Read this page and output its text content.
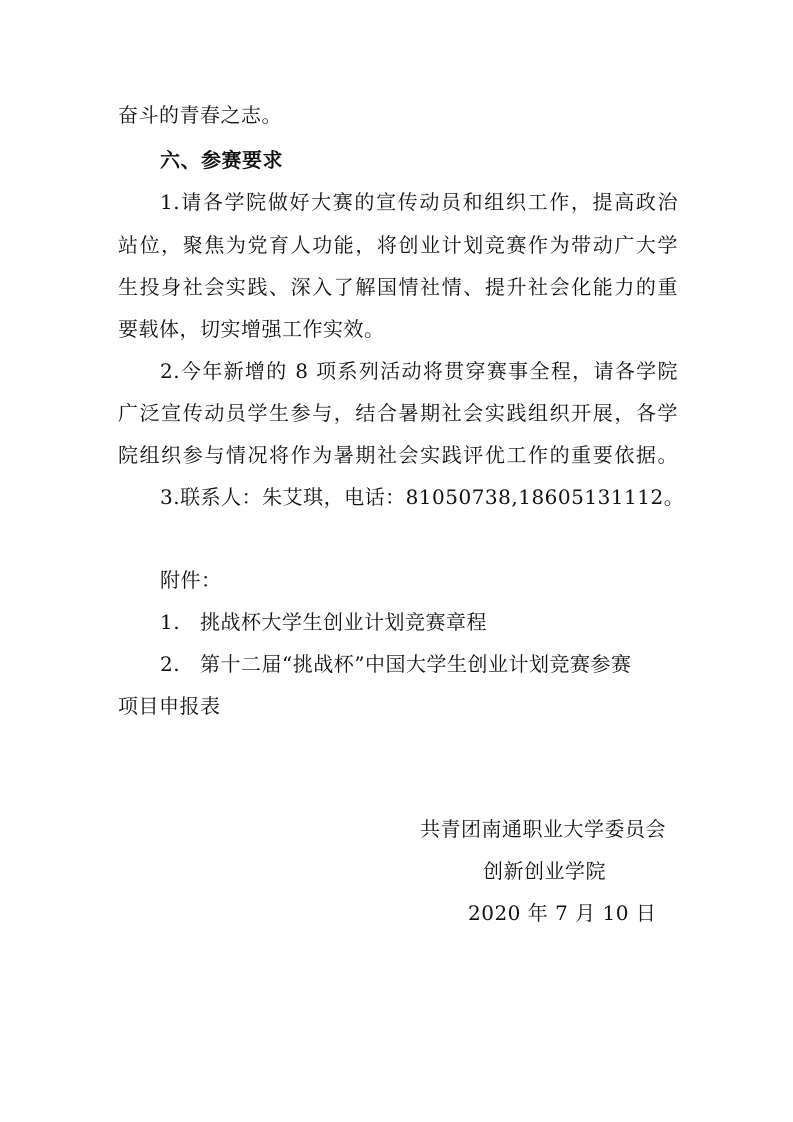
奋斗的青春之志。
六、参赛要求
1.请各学院做好大赛的宣传动员和组织工作，提高政治
站位，聚焦为党育人功能，将创业计划竞赛作为带动广大学
生投身社会实践、深入了解国情社情、提升社会化能力的重
要载体，切实增强工作实效。
2.今年新增的 8 项系列活动将贯穿赛事全程，请各学院
广泛宣传动员学生参与，结合暑期社会实践组织开展，各学
院组织参与情况将作为暑期社会实践评优工作的重要依据。
3.联系人：朱艾琪，电话：81050738,18605131112。
附件：
1. 挑战杯大学生创业计划竞赛章程
2. 第十二届“挑战杯”中国大学生创业计划竞赛参赛
项目申报表
共青团南通职业大学委员会
创新创业学院
2020 年 7 月 10 日
